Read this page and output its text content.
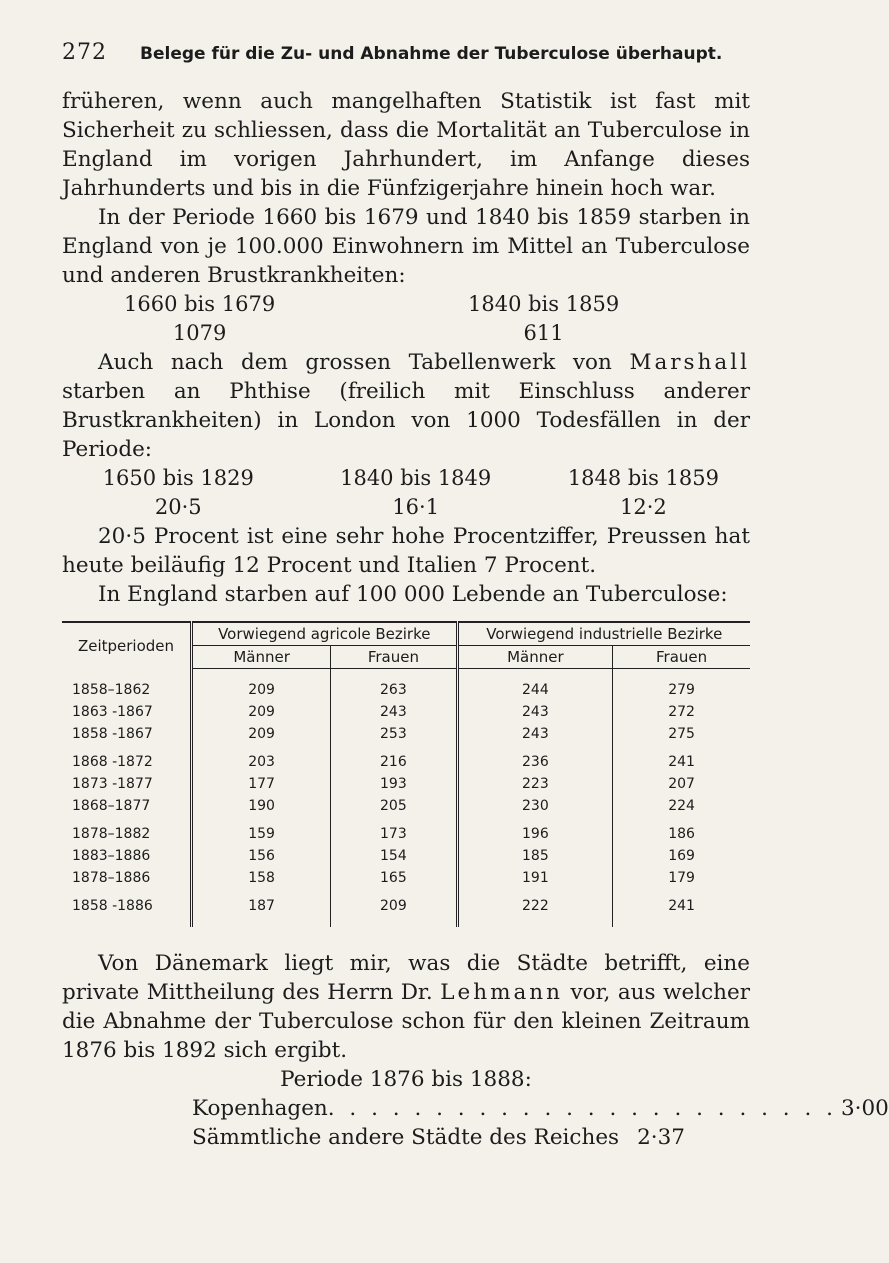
272	Belege für die Zu- und Abnahme der Tuberculose überhaupt.

früheren, wenn auch mangelhaften Statistik ist fast mit Sicherheit zu schliessen, dass die Mortalität an Tuberculose in England im vorigen Jahrhundert, im Anfange dieses Jahrhunderts und bis in die Fünfzigerjahre hinein hoch war.

In der Periode 1660 bis 1679 und 1840 bis 1859 starben in England von je 100.000 Einwohnern im Mittel an Tuberculose und anderen Brustkrankheiten:

1660 bis 1679	1840 bis 1859
1079	611

Auch nach dem grossen Tabellenwerk von Marshall starben an Phthise (freilich mit Einschluss anderer Brustkrankheiten) in London von 1000 Todesfällen in der Periode:

1650 bis 1829	1840 bis 1849	1848 bis 1859
20·5	16·1	12·2

20·5 Procent ist eine sehr hohe Procentziffer, Preussen hat heute beiläufig 12 Procent und Italien 7 Procent.

In England starben auf 100 000 Lebende an Tuberculose:

Zeitperioden	Vorwiegend agricole Bezirke		Vorwiegend industrielle Bezirke	
	Männer	Frauen	Männer	Frauen

1858–1862	209	263	244	279
1863 -1867	209	243	243	272
1858 -1867	209	253	243	275

1868 -1872	203	216	236	241
1873 -1877	177	193	223	207
1868–1877	190	205	230	224

1878–1882	159	173	196	186
1883–1886	156	154	185	169
1878–1886	158	165	191	179

1858 -1886	187	209	222	241

Von Dänemark liegt mir, was die Städte betrifft, eine private Mittheilung des Herrn Dr. Lehmann vor, aus welcher die Abnahme der Tuberculose schon für den kleinen Zeitraum 1876 bis 1892 sich ergibt.

Periode 1876 bis 1888:
Kopenhagen . . . . . . . . . . . . . . . . . . . . . . . . 3·00
Sämmtliche andere Städte des Reiches 2·37
